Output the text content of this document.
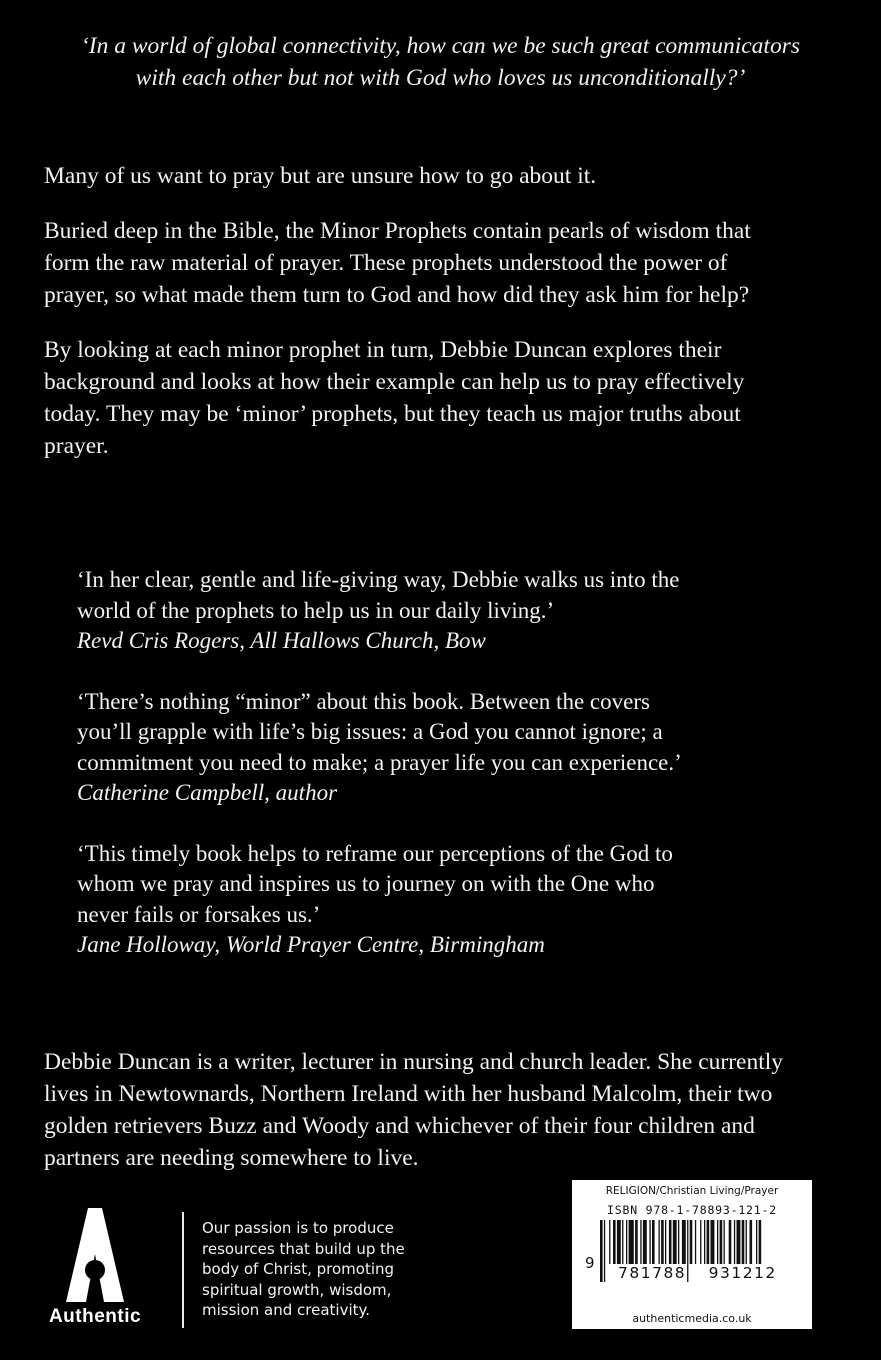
‘In a world of global connectivity, how can we be such great communicators
with each other but not with God who loves us unconditionally?’

Many of us want to pray but are unsure how to go about it.

Buried deep in the Bible, the Minor Prophets contain pearls of wisdom that
form the raw material of prayer. These prophets understood the power of
prayer, so what made them turn to God and how did they ask him for help?

By looking at each minor prophet in turn, Debbie Duncan explores their
background and looks at how their example can help us to pray effectively
today. They may be ‘minor’ prophets, but they teach us major truths about
prayer.

‘In her clear, gentle and life-giving way, Debbie walks us into the
world of the prophets to help us in our daily living.’
Revd Cris Rogers, All Hallows Church, Bow
‘There’s nothing “minor” about this book. Between the covers
you’ll grapple with life’s big issues: a God you cannot ignore; a
commitment you need to make; a prayer life you can experience.’
Catherine Campbell, author
‘This timely book helps to reframe our perceptions of the God to
whom we pray and inspires us to journey on with the One who
never fails or forsakes us.’
Jane Holloway, World Prayer Centre, Birmingham
Debbie Duncan is a writer, lecturer in nursing and church leader. She currently
lives in Newtownards, Northern Ireland with her husband Malcolm, their two
golden retrievers Buzz and Woody and whichever of their four children and
partners are needing somewhere to live.
Authentic
Our passion is to produce
resources that build up the
body of Christ, promoting
spiritual growth, wisdom,
mission and creativity.
RELIGION/Christian Living/Prayer
ISBN 978-1-78893-121-2
9
781788 931212
authenticmedia.co.uk
